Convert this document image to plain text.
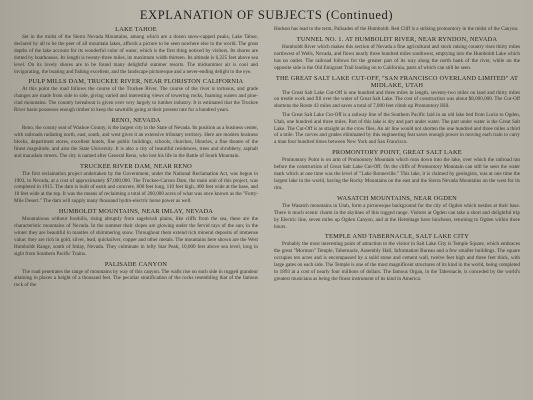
EXPLANATION OF SUBJECTS (Continued)
LAKE TAHOE

Set in the midst of the Sierra Nevada Mountains, among which are a dozen snow-capped peaks, Lake Tahoe, declared by all to be the peer of all mountain lakes, affords a picture to be seen nowhere else in the world. The great depths of the lake account for its wonderful color of water, which is the first thing noticed by visitors. Its shores are dotted by boathouses. Its length is twenty-three miles, its maximum width thirteen. Its altitude is 6,225 feet above sea level. On its lovely shores are to be found many delightful summer resorts. The midsummer air is cool and invigorating, the boating and fishing excellent, and the landscape picturesque and a never-ending delight to the eye.

PULP MILLS DAM, TRUCKEE RIVER, NEAR FLORISTON CALIFORNIA

At this point the road follows the course of the Truckee River. The course of the river is tortuous, and grade changes are made from side to side, giving varied and interesting views of towering rocks, foaming waters and pine-clad mountains. The country hereabout is given over very largely to lumber industry. It is estimated that the Truckee River basin possesses enough timber to keep the sawmills going at their present rate for a hundred years.

RENO, NEVADA

Reno, the county seat of Washoe County, is the largest city in the State of Nevada. Its position as a business center, with railroads radiating north, east, south, and west gives it an extensive tributary territory. Here are modern business blocks, department stores, excellent hotels, fine public buildings, schools, churches, libraries, a fine theatre of the finest magnitude, and also the State University. It is also a city of beautiful residences, trees and shrubbery, asphalt and macadam streets. The city is named after General Reno, who lost his life in the Battle of South Mountain.

TRUCKEE RIVER DAM, NEAR RENO

The first reclamation project undertaken by the Government, under the National Reclamation Act, was begun in 1903, in Nevada, at a cost of approximately $7,000,000. The Truckee-Carson Dam, the main unit of this project, was completed in 1915. The dam is built of earth and concrete, 800 feet long, 110 feet high, 400 feet wide at the base, and 18 feet wide at the top. It was the means of reclaiming a total of 200,000 acres of what was once known as the "Forty-Mile Desert." The dam will supply many thousand hydro-electric horse power as well.

HUMBOLDT MOUNTAINS, NEAR IMLAY, NEVADA

Mountainous without foothills, rising abruptly from sagebrush plains, like cliffs from the sea, these are the characteristic mountains of Nevada. In the summer their slopes are glowing under the fervid rays of the sun; in the winter they are beautiful in mantles of shimmering snow. Throughout them extend rich mineral deposits of immense value; they are rich in gold, silver, lead, quicksilver, copper and other metals. The mountains here shown are the West Humboldt Range, south of Imlay, Nevada. They culminate in lofty Star Peak, 10,000 feet above sea level, long in sight from Southern Pacific Trains.

PALISADE CANYON

The road penetrates the range of mountains by way of this canyon. The walls rise on each side in rugged grandeur attaining in places a height of a thousand feet. The peculiar stratification of the rocks resembling that of the famous rock of the

Hudson has lead to the term, Palisades of the Humboldt. Red Cliff is a striking promontory in the midst of the Canyon.

TUNNEL NO. 1. AT HUMBOLDT RIVER, NEAR RYNDON, NEVADA

Humboldt River which makes this section of Nevada a fine agricultural and stock raising country rises thirty miles northwest of Wells, Nevada, and flows nearly three hundred miles southwest, emptying into the Humboldt Lake which has no outlet. The railroad follows for the greater part of its way along the north bank of the river, while on the opposite side is the Old Emigrant Trail leading on to California, parts of which can still be seen.

THE GREAT SALT LAKE CUT-OFF, "SAN FRANCISCO OVERLAND LIMITED" AT MIDLAKE, UTAH

The Great Salt Lake Cut-Off is one hundred and three miles in length, seventy-two miles on land and thirty miles on trestle work and fill over the water of Great Salt Lake. The cost of construction was about $8,000,000. The Cut-Off shortens the Route 43 miles and saves a total of 7,000 feet climb up Promontory Hill.

The Great Salt Lake Cut-Off is a railway line of the Southern Pacific laid in an old lake bed from Lucin to Ogden, Utah, one hundred and three miles. Part of this lake is dry and part under water. The part under water is the Great Salt Lake. The Cut-Off is as straight as the crow flies. An air line would not shorten the one hundred and three miles a third of a mile. The curves and grades eliminated by this engineering feat saves enough power in moving each train to carry a man four hundred times between New York and San Francisco.

PROMONTORY POINT, GREAT SALT LAKE

Promontory Point is on arm of Promontory Mountain which runs down into the lake, over which the railroad ran before the construction of Great Salt Lake Cut-Off. On the cliffs of Promontory Mountain can still be seen the water mark which at one time was the level of "Lake Bonneville." This lake, it is claimed by geologists, was at one time the largest lake in the world, having the Rocky Mountains on the east and the Sierra Nevada Mountains on the west for its rim.

WASATCH MOUNTAINS, NEAR OGDEN

The Wasatch mountains in Utah, form a picturesque background for the city of Ogden which nestles at their base. There is much scenic charm in the skylines of this rugged range. Visitors at Ogden can take a short and delightful trip by Electric line, seven miles up Ogden Canyon, and at the Hermitage have luncheon, returning to Ogden within three hours.

TEMPLE AND TABERNACLE, SALT LAKE CITY

Probably the most interesting point of attraction to the visitor in Salt Lake City is Temple Square, which embraces the great "Mormon" Temple, Tabernacle, Assembly Hall, Information Bureau and a few smaller buildings. The square occupies ten acres and is encompassed by a solid stone and cement wall, twelve feet high and three feet thick, with large gates on each side. The Temple is one of the most magnificent structures of its kind in the world, being completed in 1893 at a cost of nearly four millions of dollars. The famous Organ, in the Tabernacle, is conceded by the world's greatest musicians as being the finest instrument of its kind in America.
